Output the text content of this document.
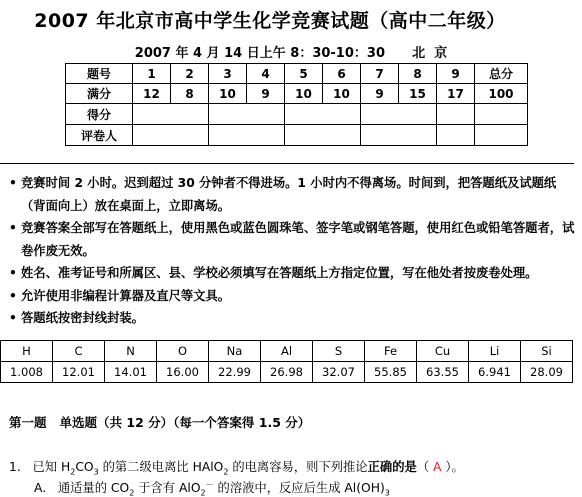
2007 年北京市高中学生化学竞赛试题（高中二年级）
2007 年 4 月 14 日上午 8：30-10：30      北  京
题号	1	2	3	4	5	6	7	8	9	总分
满分	12	8	10	9	10	10	9	15	17	100
得分										
评卷人										
• 竞赛时间 2 小时。迟到超过 30 分钟者不得进场。1 小时内不得离场。时间到，把答题纸及试题纸（背面向上）放在桌面上，立即离场。
• 竞赛答案全部写在答题纸上，使用黑色或蓝色圆珠笔、签字笔或钢笔答题，使用红色或铅笔答题者，试卷作废无效。
• 姓名、准考证号和所属区、县、学校必须填写在答题纸上方指定位置，写在他处者按废卷处理。
• 允许使用非编程计算器及直尺等文具。
• 答题纸按密封线封装。
H	C	N	O	Na	Al	S	Fe	Cu	Li	Si
1.008	12.01	14.01	16.00	22.99	26.98	32.07	55.85	63.55	6.941	28.09
第一题   单选题（共 12 分）（每一个答案得 1.5 分）
1. 已知 $H_2CO_3$ 的第二级电离比 HAlO$_2$ 的电离容易，则下列推论正确的是（ A ）。
A.   通适量的 $CO_2$ 于含有 AlO$_2$－ 的溶液中，反应后生成 $Al(OH)_3$
